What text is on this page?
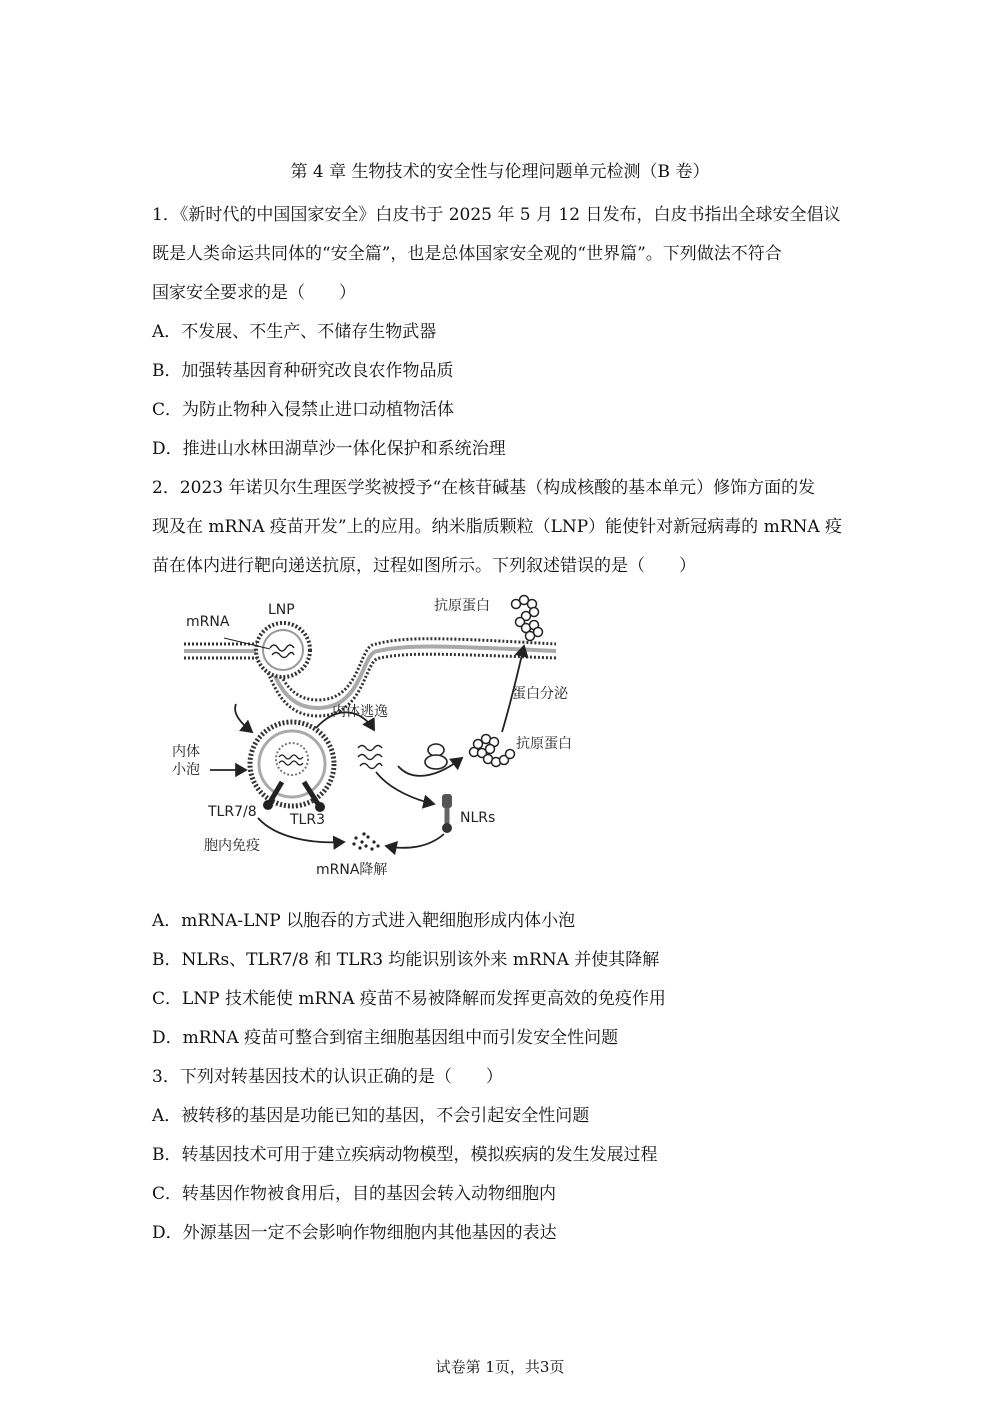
第 4 章 生物技术的安全性与伦理问题单元检测（B 卷）

1．《新时代的中国国家安全》白皮书于 2025 年 5 月 12 日发布，白皮书指出全球安全倡议

既是人类命运共同体的“安全篇”，也是总体国家安全观的“世界篇”。下列做法不符合

国家安全要求的是（　　）

A．不发展、不生产、不储存生物武器

B．加强转基因育种研究改良农作物品质

C．为防止物种入侵禁止进口动植物活体

D．推进山水林田湖草沙一体化保护和系统治理

2．2023 年诺贝尔生理医学奖被授予“在核苷碱基（构成核酸的基本单元）修饰方面的发

现及在 mRNA 疫苗开发”上的应用。纳米脂质颗粒（LNP）能使针对新冠病毒的 mRNA 疫

苗在体内进行靶向递送抗原，过程如图所示。下列叙述错误的是（　　）

mRNA
LNP	抗原蛋白
蛋白分泌
内体逃逸
内体
小泡
抗原蛋白
TLR7/8 TLR3	NLRs
胞内免疫
mRNA降解

A．mRNA-LNP 以胞吞的方式进入靶细胞形成内体小泡

B．NLRs、TLR7/8 和 TLR3 均能识别该外来 mRNA 并使其降解

C．LNP 技术能使 mRNA 疫苗不易被降解而发挥更高效的免疫作用

D．mRNA 疫苗可整合到宿主细胞基因组中而引发安全性问题

3．下列对转基因技术的认识正确的是（　　）

A．被转移的基因是功能已知的基因，不会引起安全性问题

B．转基因技术可用于建立疾病动物模型，模拟疾病的发生发展过程

C．转基因作物被食用后，目的基因会转入动物细胞内

D．外源基因一定不会影响作物细胞内其他基因的表达

试卷第 1页，共3页
